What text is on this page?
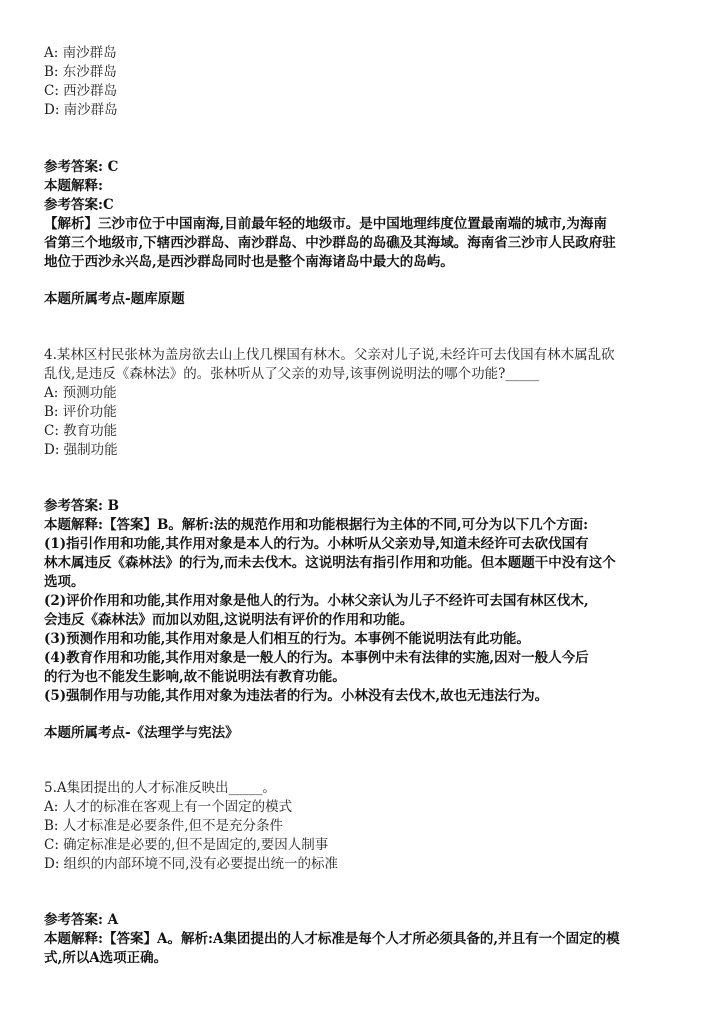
A: 南沙群岛
B: 东沙群岛
C: 西沙群岛
D: 南沙群岛
参考答案: C
本题解释:
参考答案:C
【解析】三沙市位于中国南海,目前最年轻的地级市。是中国地理纬度位置最南端的城市,为海南
省第三个地级市,下辖西沙群岛、南沙群岛、中沙群岛的岛礁及其海域。海南省三沙市人民政府驻
地位于西沙永兴岛,是西沙群岛同时也是整个南海诸岛中最大的岛屿。
本题所属考点-题库原题
4.某林区村民张林为盖房欲去山上伐几棵国有林木。父亲对儿子说,未经许可去伐国有林木属乱砍
乱伐,是违反《森林法》的。张林听从了父亲的劝导,该事例说明法的哪个功能?_____
A: 预测功能
B: 评价功能
C: 教育功能
D: 强制功能
参考答案: B
本题解释:【答案】B。解析:法的规范作用和功能根据行为主体的不同,可分为以下几个方面:
(1)指引作用和功能,其作用对象是本人的行为。小林听从父亲劝导,知道未经许可去砍伐国有
林木属违反《森林法》的行为,而未去伐木。这说明法有指引作用和功能。但本题题干中没有这个
选项。
(2)评价作用和功能,其作用对象是他人的行为。小林父亲认为儿子不经许可去国有林区伐木,
会违反《森林法》而加以劝阻,这说明法有评价的作用和功能。
(3)预测作用和功能,其作用对象是人们相互的行为。本事例不能说明法有此功能。
(4)教育作用和功能,其作用对象是一般人的行为。本事例中未有法律的实施,因对一般人今后
的行为也不能发生影响,故不能说明法有教育功能。
(5)强制作用与功能,其作用对象为违法者的行为。小林没有去伐木,故也无违法行为。
本题所属考点-《法理学与宪法》
5.A集团提出的人才标准反映出_____。
A: 人才的标准在客观上有一个固定的模式
B: 人才标准是必要条件,但不是充分条件
C: 确定标准是必要的,但不是固定的,要因人制事
D: 组织的内部环境不同,没有必要提出统一的标准
参考答案: A
本题解释:【答案】A。解析:A集团提出的人才标准是每个人才所必须具备的,并且有一个固定的模
式,所以A选项正确。
